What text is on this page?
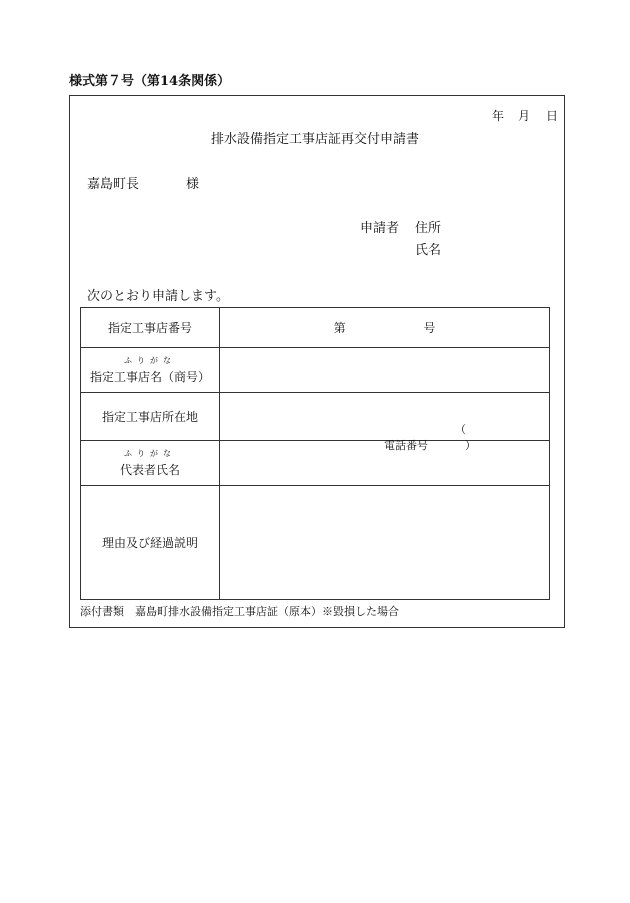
様式第７号（第14条関係）
年 月 日
排水設備指定工事店証再交付申請書
嘉島町長	様
申請者 住所
氏名
次のとおり申請します。
指定工事店番号	第 号

ふりがな
指定工事店名（商号）	
指定工事店所在地	電話番号 （）

ふりがな
代表者氏名	
理由及び経過説明	
添付書類　嘉島町排水設備指定工事店証（原本）※毀損した場合
